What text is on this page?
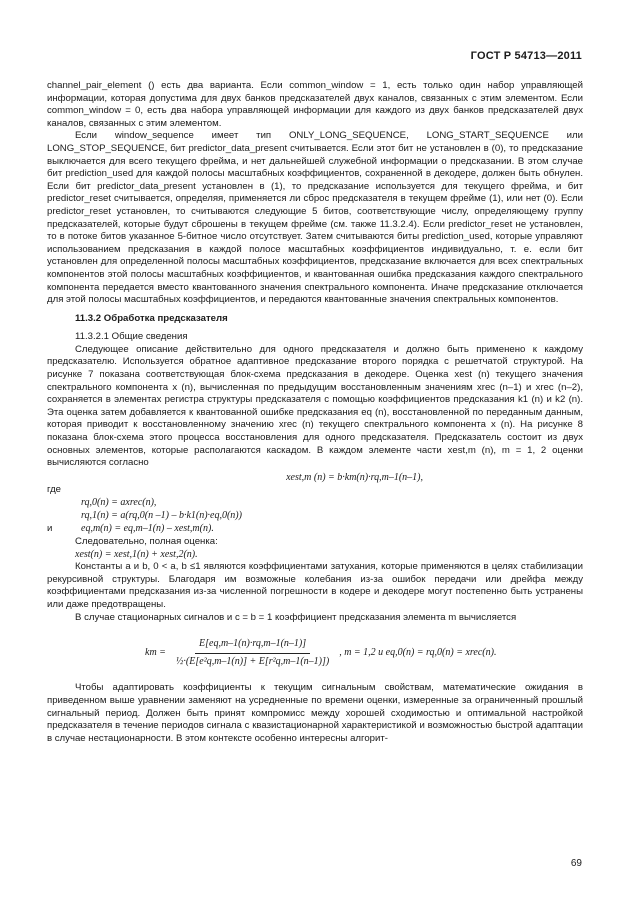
ГОСТ Р 54713—2011

channel_pair_element () есть два варианта. Если common_window = 1, есть только один набор управляющей информации, которая допустима для двух банков предсказателей двух каналов, связанных с этим элементом. Если common_window = 0, есть два набора управляющей информации для каждого из двух банков предсказателей двух каналов, связанных с этим элементом.

Если window_sequence имеет тип ONLY_LONG_SEQUENCE, LONG_START_SEQUENCE или LONG_STOP_SEQUENCE, бит predictor_data_present считывается. Если этот бит не установлен в (0), то предсказание выключается для всего текущего фрейма, и нет дальнейшей служебной информации о предсказании. В этом случае бит prediction_used для каждой полосы масштабных коэффициентов, сохраненной в декодере, должен быть обнулен. Если бит predictor_data_present установлен в (1), то предсказание используется для текущего фрейма, и бит predictor_reset считывается, определяя, применяется ли сброс предсказателя в текущем фрейме (1), или нет (0). Если predictor_reset установлен, то считываются следующие 5 битов, соответствующие числу, определяющему группу предсказателей, которые будут сброшены в текущем фрейме (см. также 11.3.2.4). Если predictor_reset не установлен, то в потоке битов указанное 5-битное число отсутствует. Затем считываются биты prediction_used, которые управляют использованием предсказания в каждой полосе масштабных коэффициентов индивидуально, т. е. если бит установлен для определенной полосы масштабных коэффициентов, предсказание включается для всех спектральных компонентов этой полосы масштабных коэффициентов, и квантованная ошибка предсказания каждого спектрального компонента передается вместо квантованного значения спектрального компонента. Иначе предсказание отключается для этой полосы масштабных коэффициентов, и передаются квантованные значения спектральных компонентов.

11.3.2 Обработка предсказателя

11.3.2.1 Общие сведения

Следующее описание действительно для одного предсказателя и должно быть применено к каждому предсказателю. Используется обратное адаптивное предсказание второго порядка с решетчатой структурой. На рисунке 7 показана соответствующая блок-схема предсказания в декодере. Оценка xest (n) текущего значения спектрального компонента x (n), вычисленная по предыдущим восстановленным значениям xrec (n–1) и xrec (n–2), сохраняется в элементах регистра структуры предсказателя с помощью коэффициентов предсказания k1 (n) и k2 (n). Эта оценка затем добавляется к квантованной ошибке предсказания eq (n), восстановленной по переданным данным, которая приводит к восстановленному значению xrec (n) текущего спектрального компонента x (n). На рисунке 8 показана блок-схема этого процесса восстановления для одного предсказателя. Предсказатель состоит из двух основных элементов, которые располагаются каскадом. В каждом элементе части xest,m (n), m = 1, 2 оценки вычисляются согласно

xest,m (n) = b·km(n)·rq,m–1(n–1),

где

rq,0(n) = axrec(n),
rq,1(n) = a(rq,0(n –1) – b·k1(n)·eq,0(n))
и	eq,m(n) = eq,m–1(n) – xest,m(n).

Следовательно, полная оценка:

xest(n) = xest,1(n) + xest,2(n).

Константы a и b, 0 < a, b ≤1 являются коэффициентами затухания, которые применяются в целях стабилизации рекурсивной структуры. Благодаря им возможные колебания из-за ошибок передачи или дрейфа между коэффициентами предсказания из-за численной погрешности в кодере и декодере могут постепенно быть устранены или даже предотвращены.

В случае стационарных сигналов и c = b = 1 коэффициент предсказания элемента m вычисляется

km = $\frac{E[eq,m-1(n)\cdot rq,m-1(n-1)]}{\text{½·(E[e²q,m–1(n)] + E[r²q,m–1(n–1)])}}$ , m = 1,2 и eq,0(n) = rq,0(n) = xrec(n).

Чтобы адаптировать коэффициенты к текущим сигнальным свойствам, математические ожидания в приведенном выше уравнении заменяют на усредненные по времени оценки, измеренные за ограниченный прошлый сигнальный период. Должен быть принят компромисс между хорошей сходимостью и оптимальной настройкой предсказателя в течение периодов сигнала с квазистационарной характеристикой и возможностью быстрой адаптации в случае нестационарности. В этом контексте особенно интересны алгорит-

69
